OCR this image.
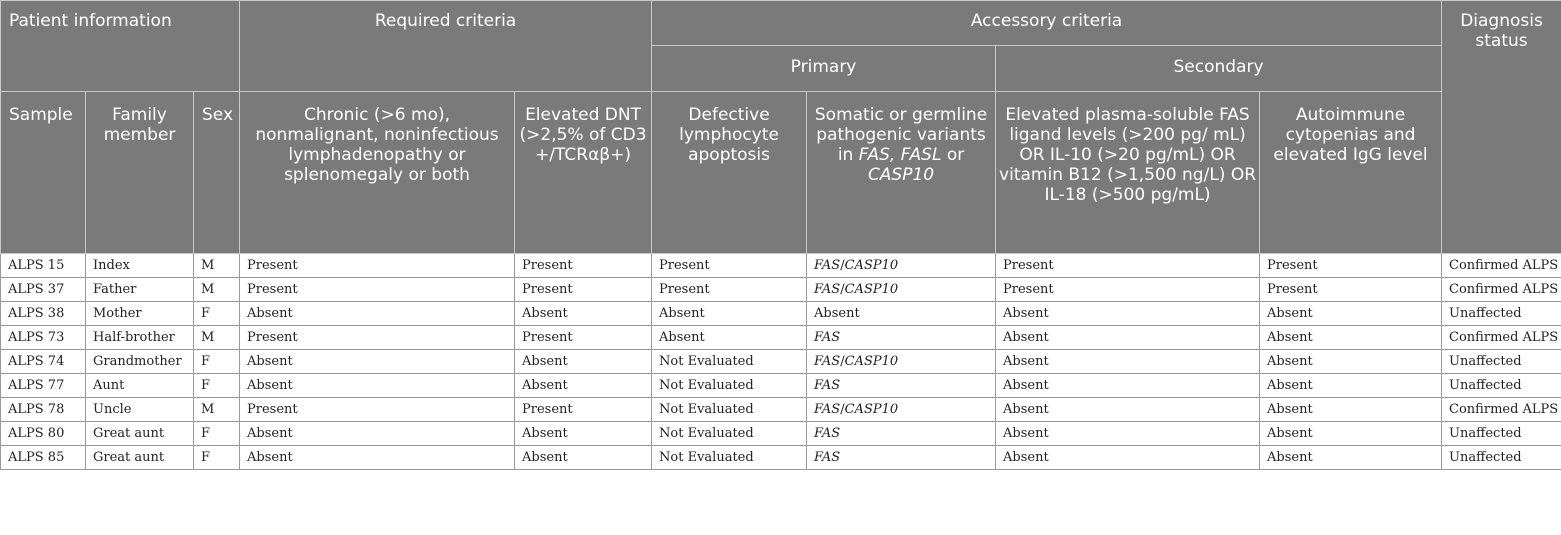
Patient information			Required criteria		Accessory criteria				Diagnosis status
					Primary		Secondary		
Sample	Family member	Sex	Chronic (>6 mo), nonmalignant, noninfectious lymphadenopathy or splenomegaly or both	Elevated DNT (>2,5% of CD3 +/TCRαβ+)	Defective lymphocyte apoptosis	Somatic or germline pathogenic variants in FAS, FASL or CASP10	Elevated plasma-soluble FAS ligand levels (>200 pg/ mL) OR IL-10 (>20 pg/mL) OR vitamin B12 (>1,500 ng/L) OR IL-18 (>500 pg/mL)	Autoimmune cytopenias and elevated IgG level	
ALPS 15	Index	M	Present	Present	Present	FAS/CASP10	Present	Present	Confirmed ALPS
ALPS 37	Father	M	Present	Present	Present	FAS/CASP10	Present	Present	Confirmed ALPS
ALPS 38	Mother	F	Absent	Absent	Absent	Absent	Absent	Absent	Unaffected
ALPS 73	Half-brother	M	Present	Present	Absent	FAS	Absent	Absent	Confirmed ALPS
ALPS 74	Grandmother	F	Absent	Absent	Not Evaluated	FAS/CASP10	Absent	Absent	Unaffected
ALPS 77	Aunt	F	Absent	Absent	Not Evaluated	FAS	Absent	Absent	Unaffected
ALPS 78	Uncle	M	Present	Present	Not Evaluated	FAS/CASP10	Absent	Absent	Confirmed ALPS
ALPS 80	Great aunt	F	Absent	Absent	Not Evaluated	FAS	Absent	Absent	Unaffected
ALPS 85	Great aunt	F	Absent	Absent	Not Evaluated	FAS	Absent	Absent	Unaffected
